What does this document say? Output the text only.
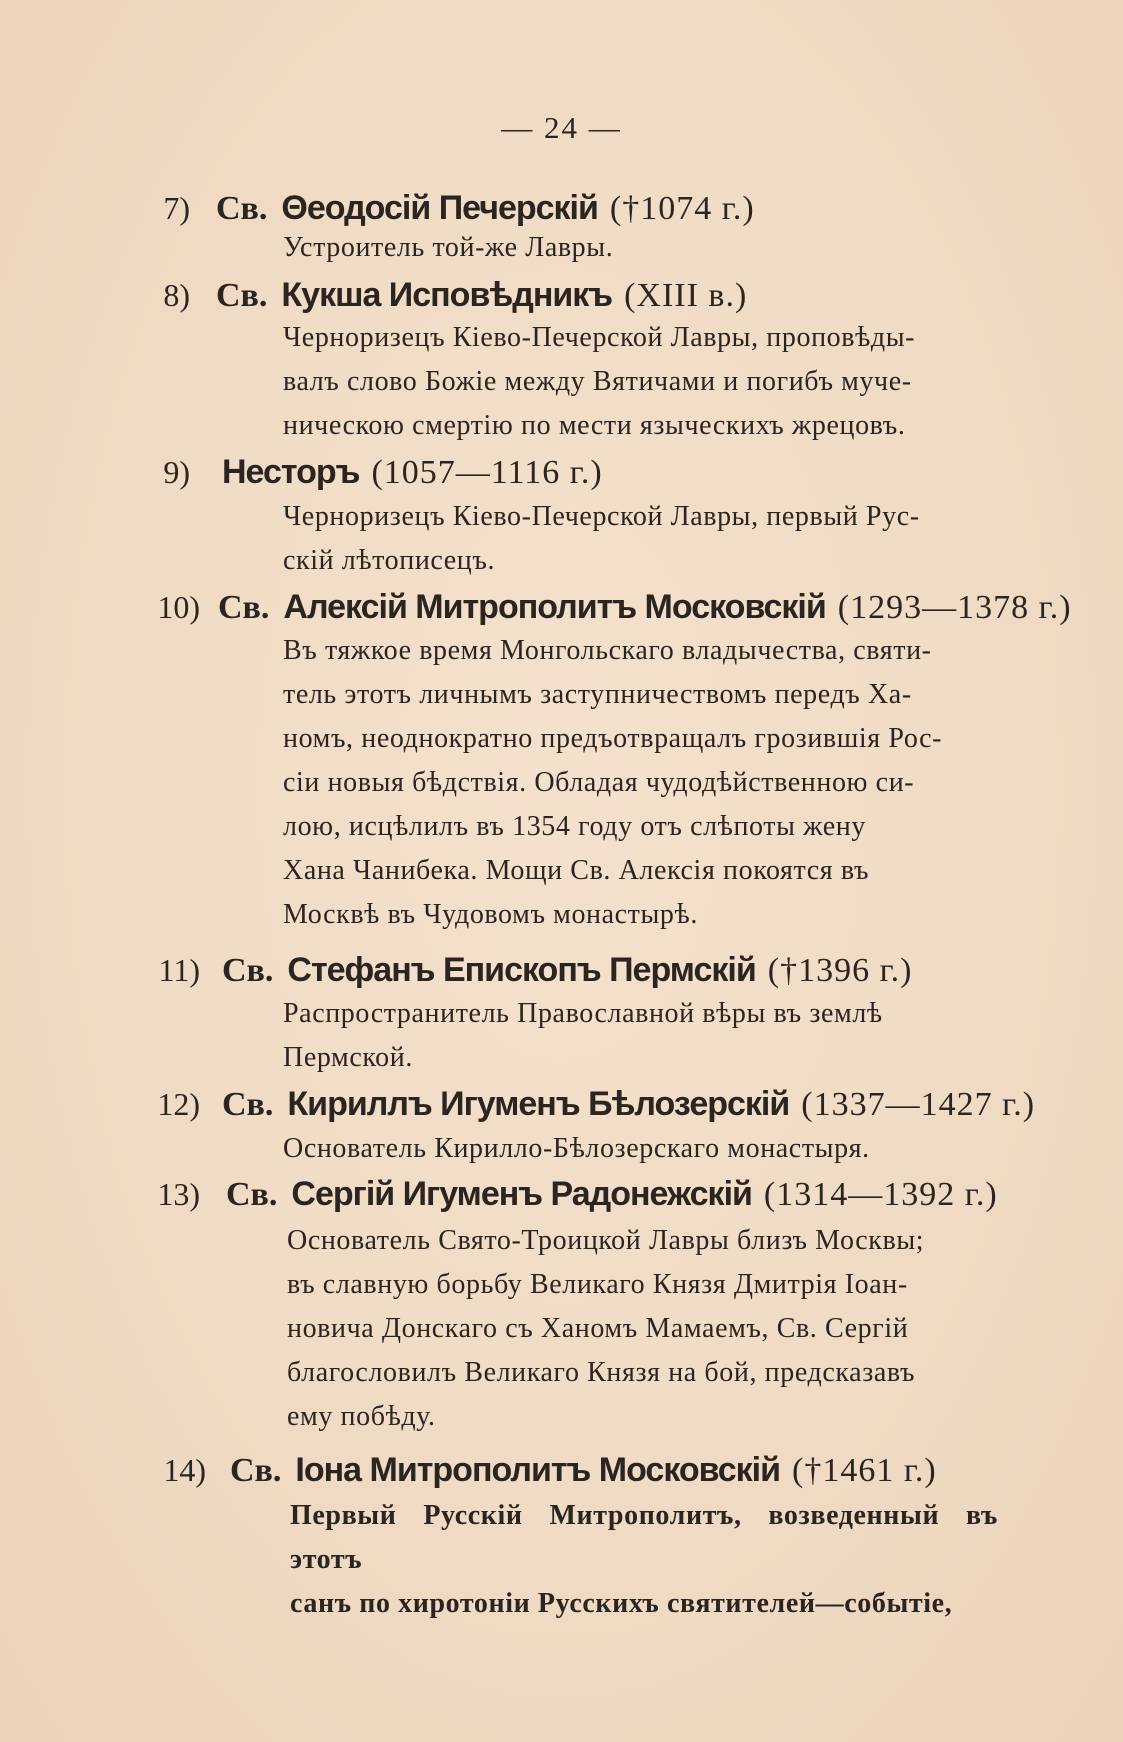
— 24 —
7) Св. Θеодосій Печерскій (†1074 г.)
Устроитель той-же Лавры.
8) Св. Кукша Исповѣдникъ (XIII в.)
Черноризецъ Кіево-Печерской Лавры, проповѣды-
валъ слово Божіе между Вятичами и погибъ муче-
ническою смертію по мести языческихъ жрецовъ.
9) Несторъ (1057—1116 г.)
Черноризецъ Кіево-Печерской Лавры, первый Рус-
скій лѣтописецъ.
10) Св. Алексій Митрополитъ Московскій (1293—1378 г.)
Въ тяжкое время Монгольскаго владычества, святи-
тель этотъ личнымъ заступничествомъ передъ Ха-
номъ, неоднократно предъотвращалъ грозившія Рос-
сіи новыя бѣдствія. Обладая чудодѣйственною си-
лою, исцѣлилъ въ 1354 году отъ слѣпоты жену
Хана Чанибека. Мощи Св. Алексія покоятся въ
Москвѣ въ Чудовомъ монастырѣ.
11) Св. Стефанъ Епископъ Пермскій (†1396 г.)
Распространитель Православной вѣры въ землѣ
Пермской.
12) Св. Кириллъ Игуменъ Бѣлозерскій (1337—1427 г.)
Основатель Кирилло-Бѣлозерскаго монастыря.
13) Св. Сергій Игуменъ Радонежскій (1314—1392 г.)
Основатель Свято-Троицкой Лавры близъ Москвы;
въ славную борьбу Великаго Князя Дмитрія Іоан-
новича Донскаго съ Ханомъ Мамаемъ, Св. Сергій
благословилъ Великаго Князя на бой, предсказавъ
ему побѣду.
14) Св. Іона Митрополитъ Московскій (†1461 г.)
Первый Русскій Митрополитъ, возведенный въ этотъ
санъ по хиротоніи Русскихъ святителей—событіе,
